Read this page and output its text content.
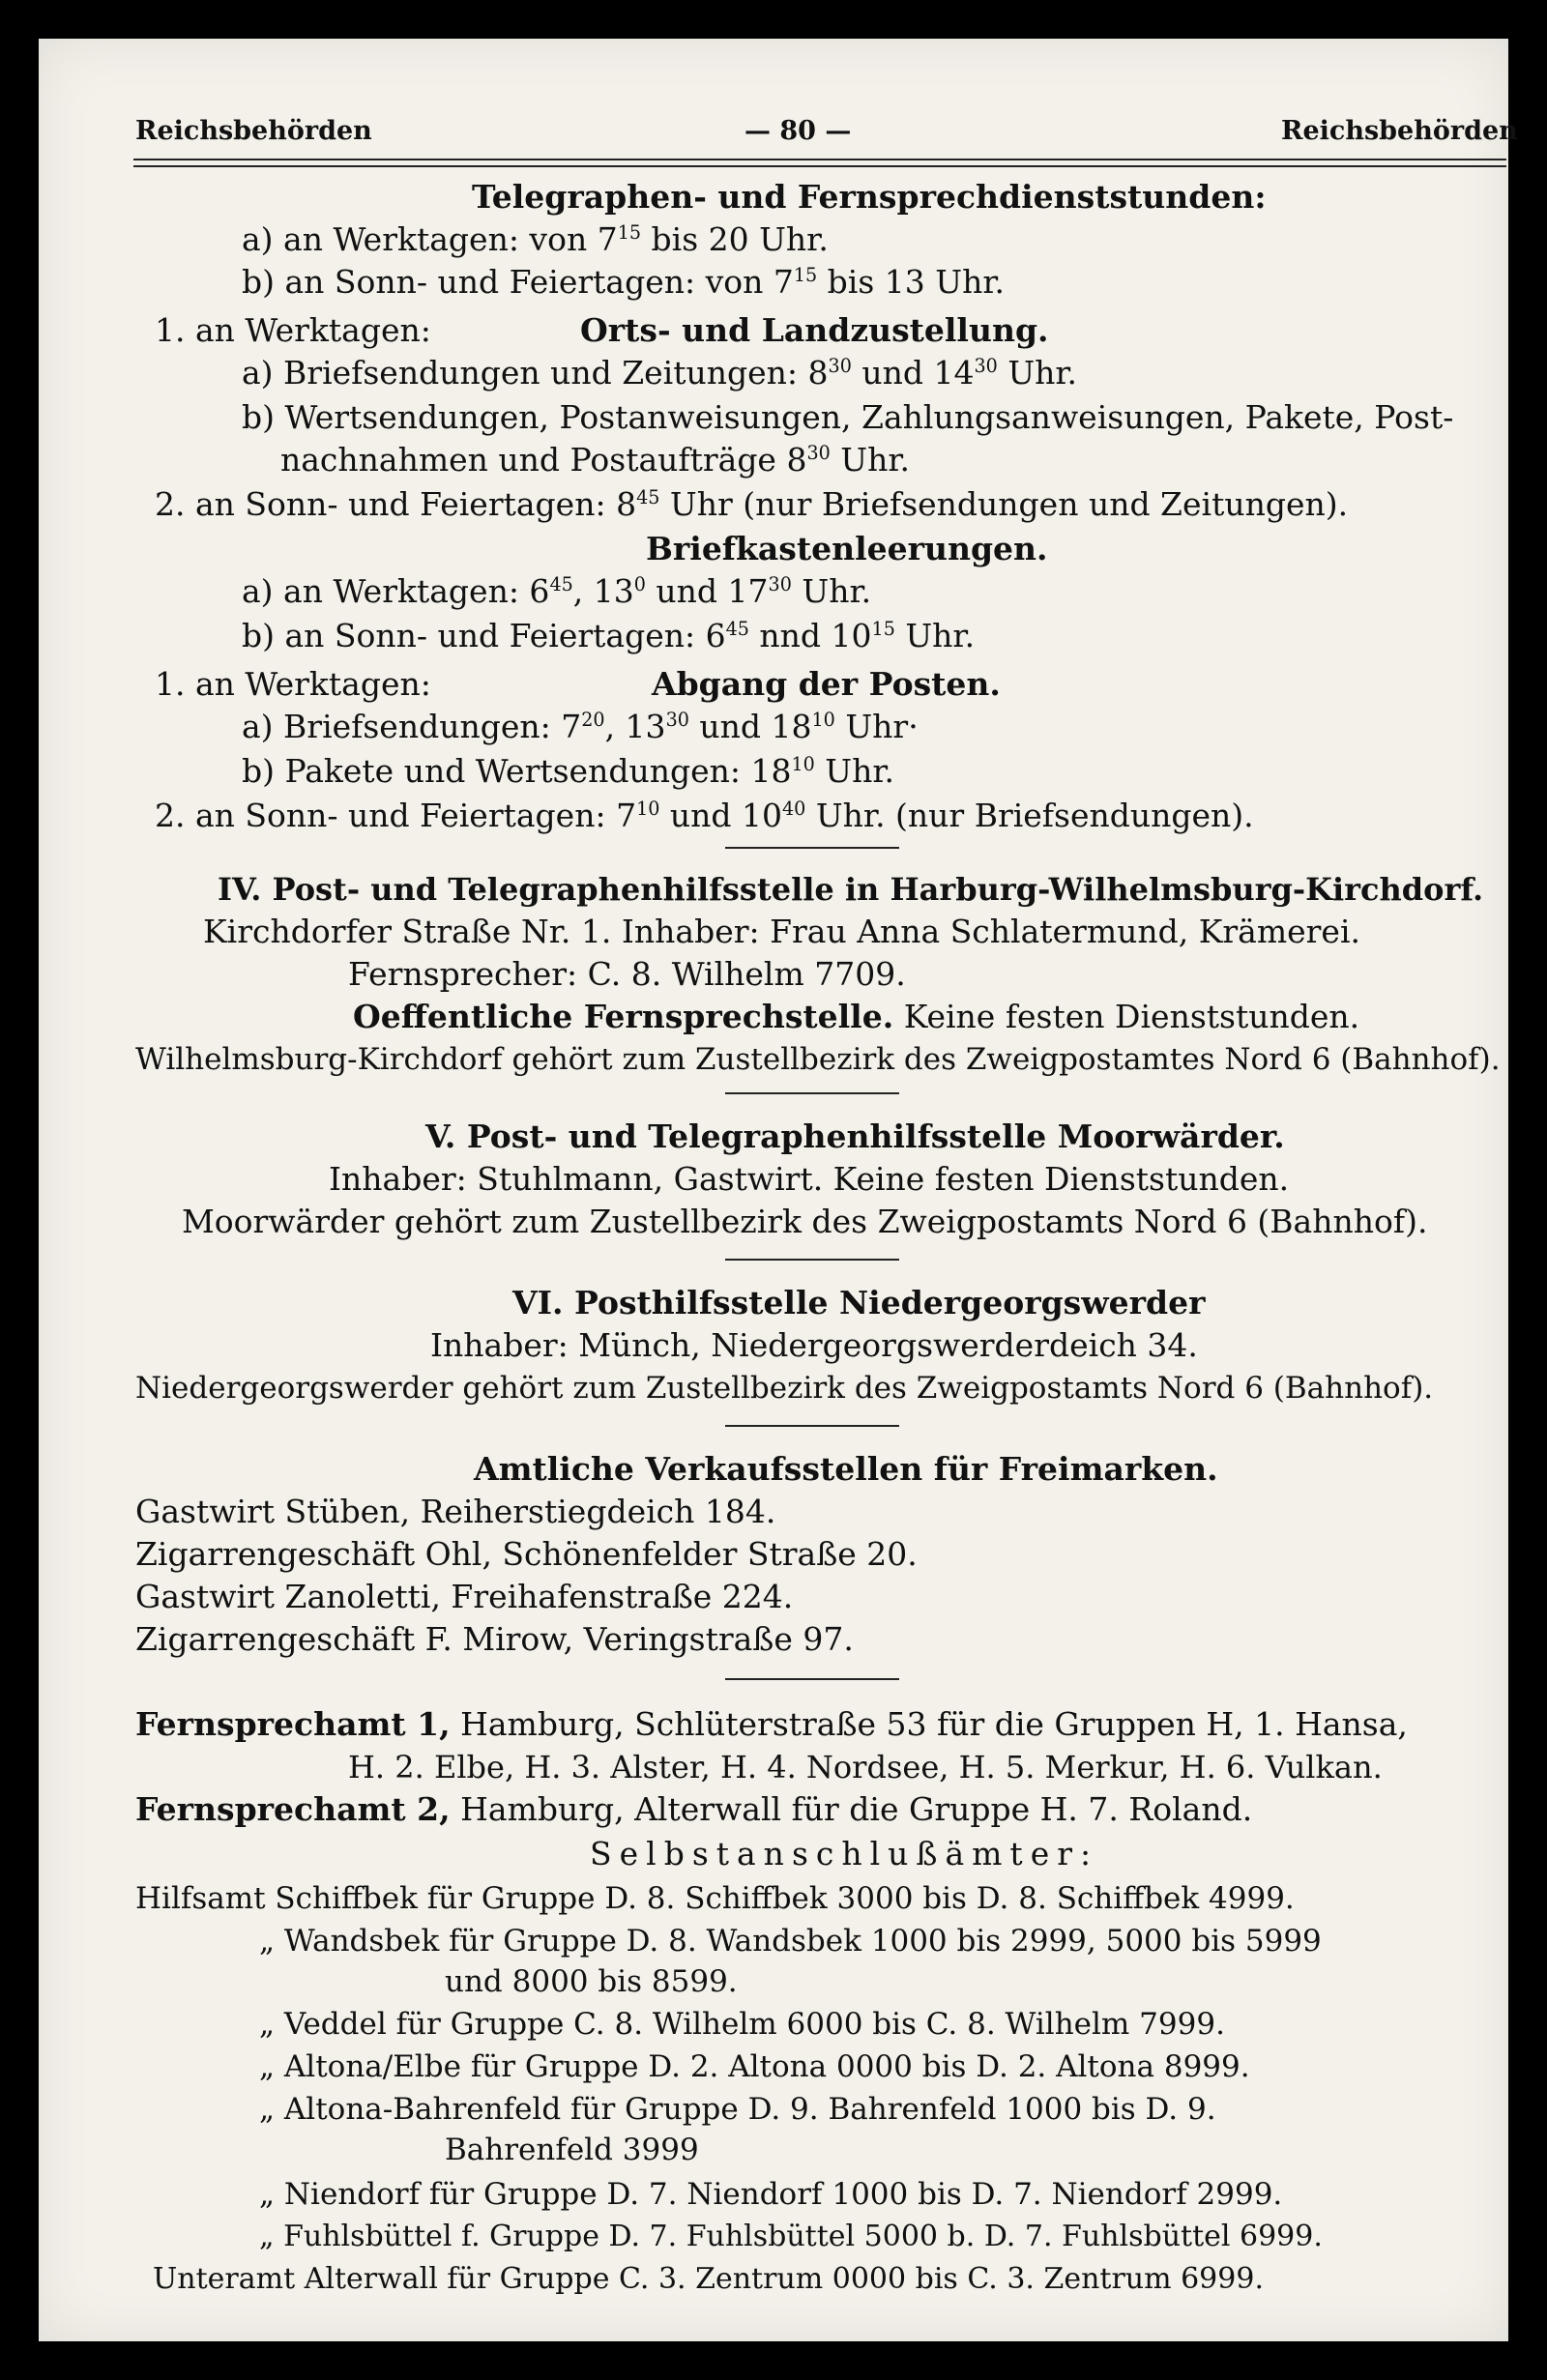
Reichsbehörden	— 80 —	Reichsbehörden
Telegraphen- und Fernsprechdienststunden:
a) an Werktagen: von $7^{15}$ bis 20 Uhr.
b) an Sonn- und Feiertagen: von $7^{15}$ bis 13 Uhr.
1. an Werktagen:	Orts- und Landzustellung.
a) Briefsendungen und Zeitungen: $8^{30}$ und $14^{30}$ Uhr.
b) Wertsendungen, Postanweisungen, Zahlungsanweisungen, Pakete, Post-
nachnahmen und Postaufträge $8^{30}$ Uhr.
2. an Sonn- und Feiertagen: $8^{45}$ Uhr (nur Briefsendungen und Zeitungen).
Briefkastenleerungen.
a) an Werktagen: $6^{45}$, $13^0$ und $17^{30}$ Uhr.
b) an Sonn- und Feiertagen: $6^{45}$ nnd $10^{15}$ Uhr.
1. an Werktagen:	Abgang der Posten.
a) Briefsendungen: $7^{20}$, $13^{30}$ und $18^{10}$ Uhr·
b) Pakete und Wertsendungen: $18^{10}$ Uhr.
2. an Sonn- und Feiertagen: $7^{10}$ und $10^{40}$ Uhr. (nur Briefsendungen).
IV. Post- und Telegraphenhilfsstelle in Harburg-Wilhelmsburg-Kirchdorf.
Kirchdorfer Straße Nr. 1. Inhaber: Frau Anna Schlatermund, Krämerei.
Fernsprecher: C. 8. Wilhelm 7709.
Oeffentliche Fernsprechstelle. Keine festen Dienststunden.
Wilhelmsburg-Kirchdorf gehört zum Zustellbezirk des Zweigpostamtes Nord 6 (Bahnhof).
V. Post- und Telegraphenhilfsstelle Moorwärder.
Inhaber: Stuhlmann, Gastwirt. Keine festen Dienststunden.
Moorwärder gehört zum Zustellbezirk des Zweigpostamts Nord 6 (Bahnhof).
VI. Posthilfsstelle Niedergeorgswerder
Inhaber: Münch, Niedergeorgswerderdeich 34.
Niedergeorgswerder gehört zum Zustellbezirk des Zweigpostamts Nord 6 (Bahnhof).
Amtliche Verkaufsstellen für Freimarken.
Gastwirt Stüben, Reiherstiegdeich 184.
Zigarrengeschäft Ohl, Schönenfelder Straße 20.
Gastwirt Zanoletti, Freihafenstraße 224.
Zigarrengeschäft F. Mirow, Veringstraße 97.
Fernsprechamt 1, Hamburg, Schlüterstraße 53 für die Gruppen H, 1. Hansa,
H. 2. Elbe, H. 3. Alster, H. 4. Nordsee, H. 5. Merkur, H. 6. Vulkan.
Fernsprechamt 2, Hamburg, Alterwall für die Gruppe H. 7. Roland.
Selbstanschlußämter:
Hilfsamt Schiffbek für Gruppe D. 8. Schiffbek 3000 bis D. 8. Schiffbek 4999.
„ Wandsbek für Gruppe D. 8. Wandsbek 1000 bis 2999, 5000 bis 5999
und 8000 bis 8599.
„ Veddel für Gruppe C. 8. Wilhelm 6000 bis C. 8. Wilhelm 7999.
„ Altona/Elbe für Gruppe D. 2. Altona 0000 bis D. 2. Altona 8999.
„ Altona-Bahrenfeld für Gruppe D. 9. Bahrenfeld 1000 bis D. 9.
Bahrenfeld 3999
„ Niendorf für Gruppe D. 7. Niendorf 1000 bis D. 7. Niendorf 2999.
„ Fuhlsbüttel f. Gruppe D. 7. Fuhlsbüttel 5000 b. D. 7. Fuhlsbüttel 6999.
Unteramt Alterwall für Gruppe C. 3. Zentrum 0000 bis C. 3. Zentrum 6999.
